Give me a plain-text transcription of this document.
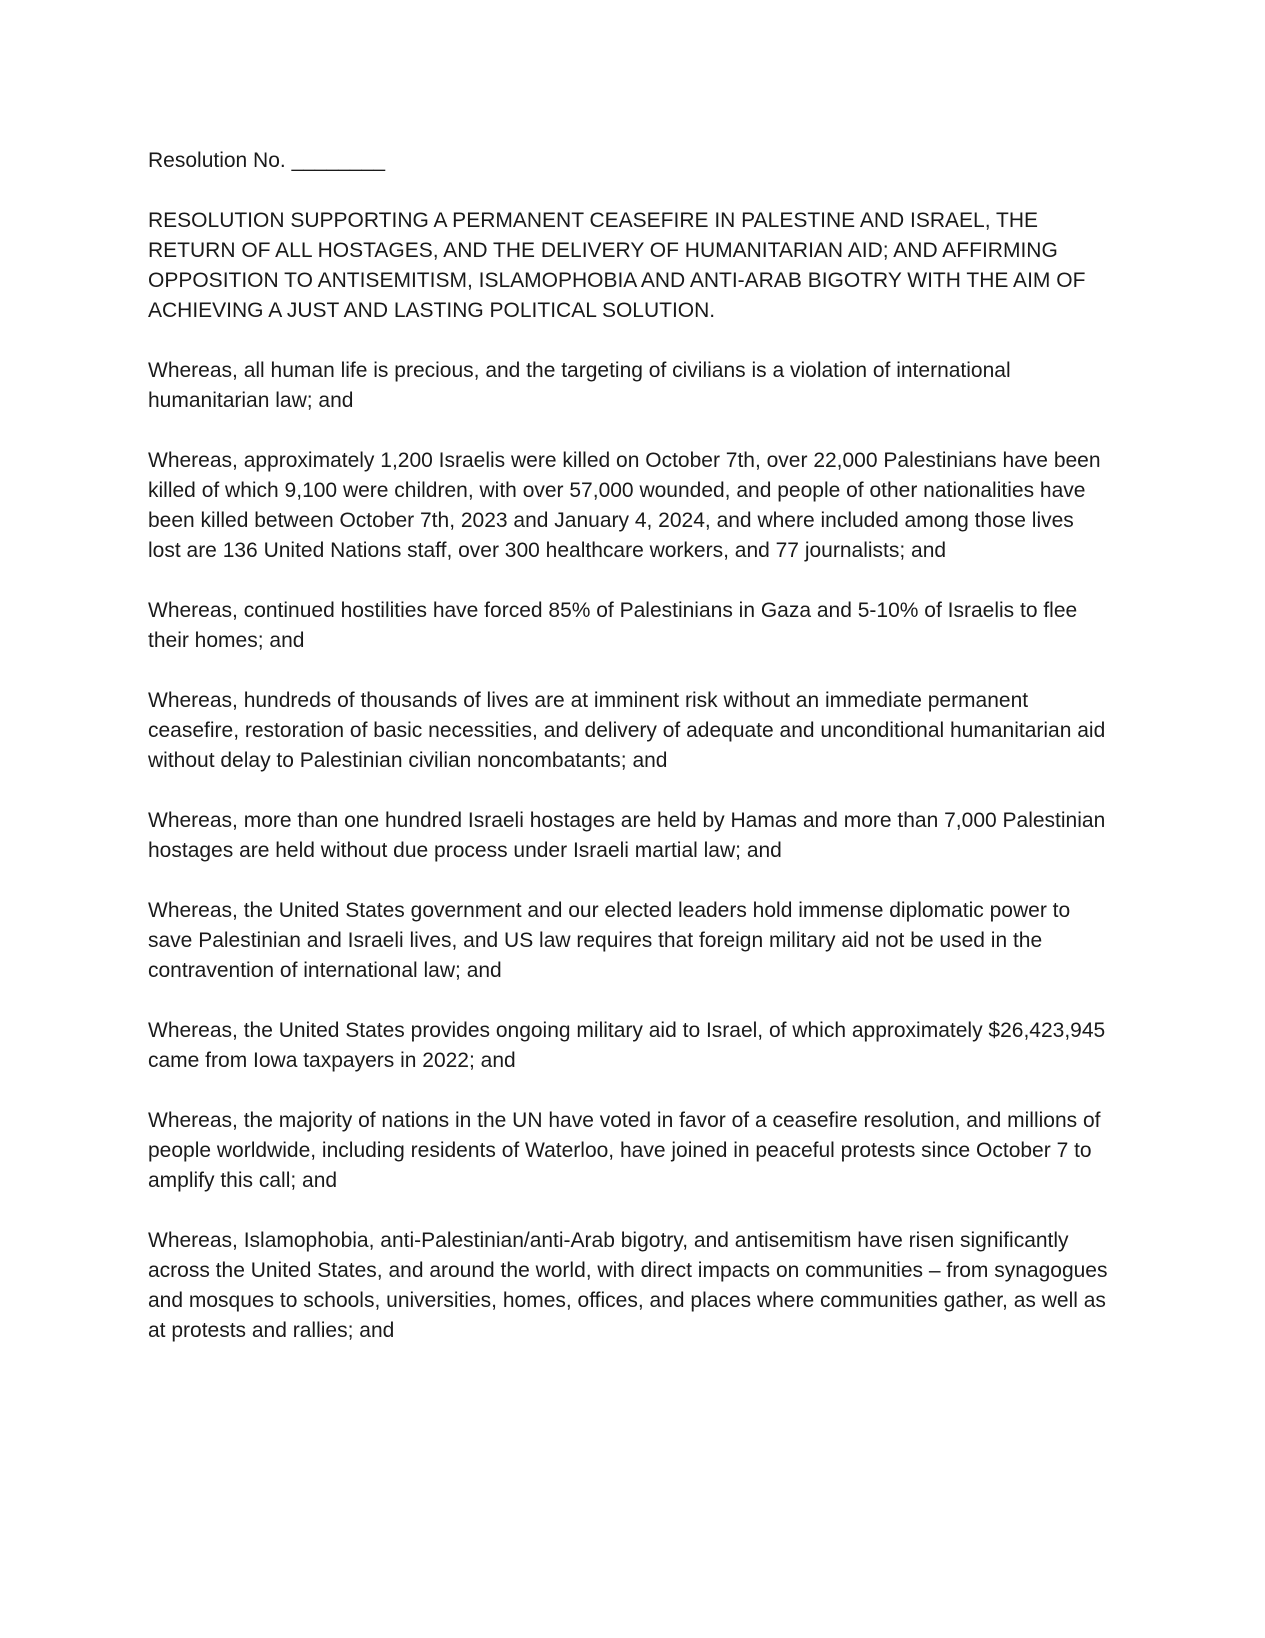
Resolution No. ________

RESOLUTION SUPPORTING A PERMANENT CEASEFIRE IN PALESTINE AND ISRAEL, THE RETURN OF ALL HOSTAGES, AND THE DELIVERY OF HUMANITARIAN AID; AND AFFIRMING OPPOSITION TO ANTISEMITISM, ISLAMOPHOBIA AND ANTI-ARAB BIGOTRY WITH THE AIM OF ACHIEVING A JUST AND LASTING POLITICAL SOLUTION.

Whereas, all human life is precious, and the targeting of civilians is a violation of international humanitarian law; and

Whereas, approximately 1,200 Israelis were killed on October 7th, over 22,000 Palestinians have been killed of which 9,100 were children, with over 57,000 wounded, and people of other nationalities have been killed between October 7th, 2023 and January 4, 2024, and where included among those lives lost are 136 United Nations staff, over 300 healthcare workers, and 77 journalists; and

Whereas, continued hostilities have forced 85% of Palestinians in Gaza and 5-10% of Israelis to flee their homes; and

Whereas, hundreds of thousands of lives are at imminent risk without an immediate permanent ceasefire, restoration of basic necessities, and delivery of adequate and unconditional humanitarian aid without delay to Palestinian civilian noncombatants; and

Whereas, more than one hundred Israeli hostages are held by Hamas and more than 7,000 Palestinian hostages are held without due process under Israeli martial law; and

Whereas, the United States government and our elected leaders hold immense diplomatic power to save Palestinian and Israeli lives, and US law requires that foreign military aid not be used in the contravention of international law; and

Whereas, the United States provides ongoing military aid to Israel, of which approximately $26,423,945 came from Iowa taxpayers in 2022; and

Whereas, the majority of nations in the UN have voted in favor of a ceasefire resolution, and millions of people worldwide, including residents of Waterloo, have joined in peaceful protests since October 7 to amplify this call; and

Whereas, Islamophobia, anti-Palestinian/anti-Arab bigotry, and antisemitism have risen significantly across the United States, and around the world, with direct impacts on communities – from synagogues and mosques to schools, universities, homes, offices, and places where communities gather, as well as at protests and rallies; and
